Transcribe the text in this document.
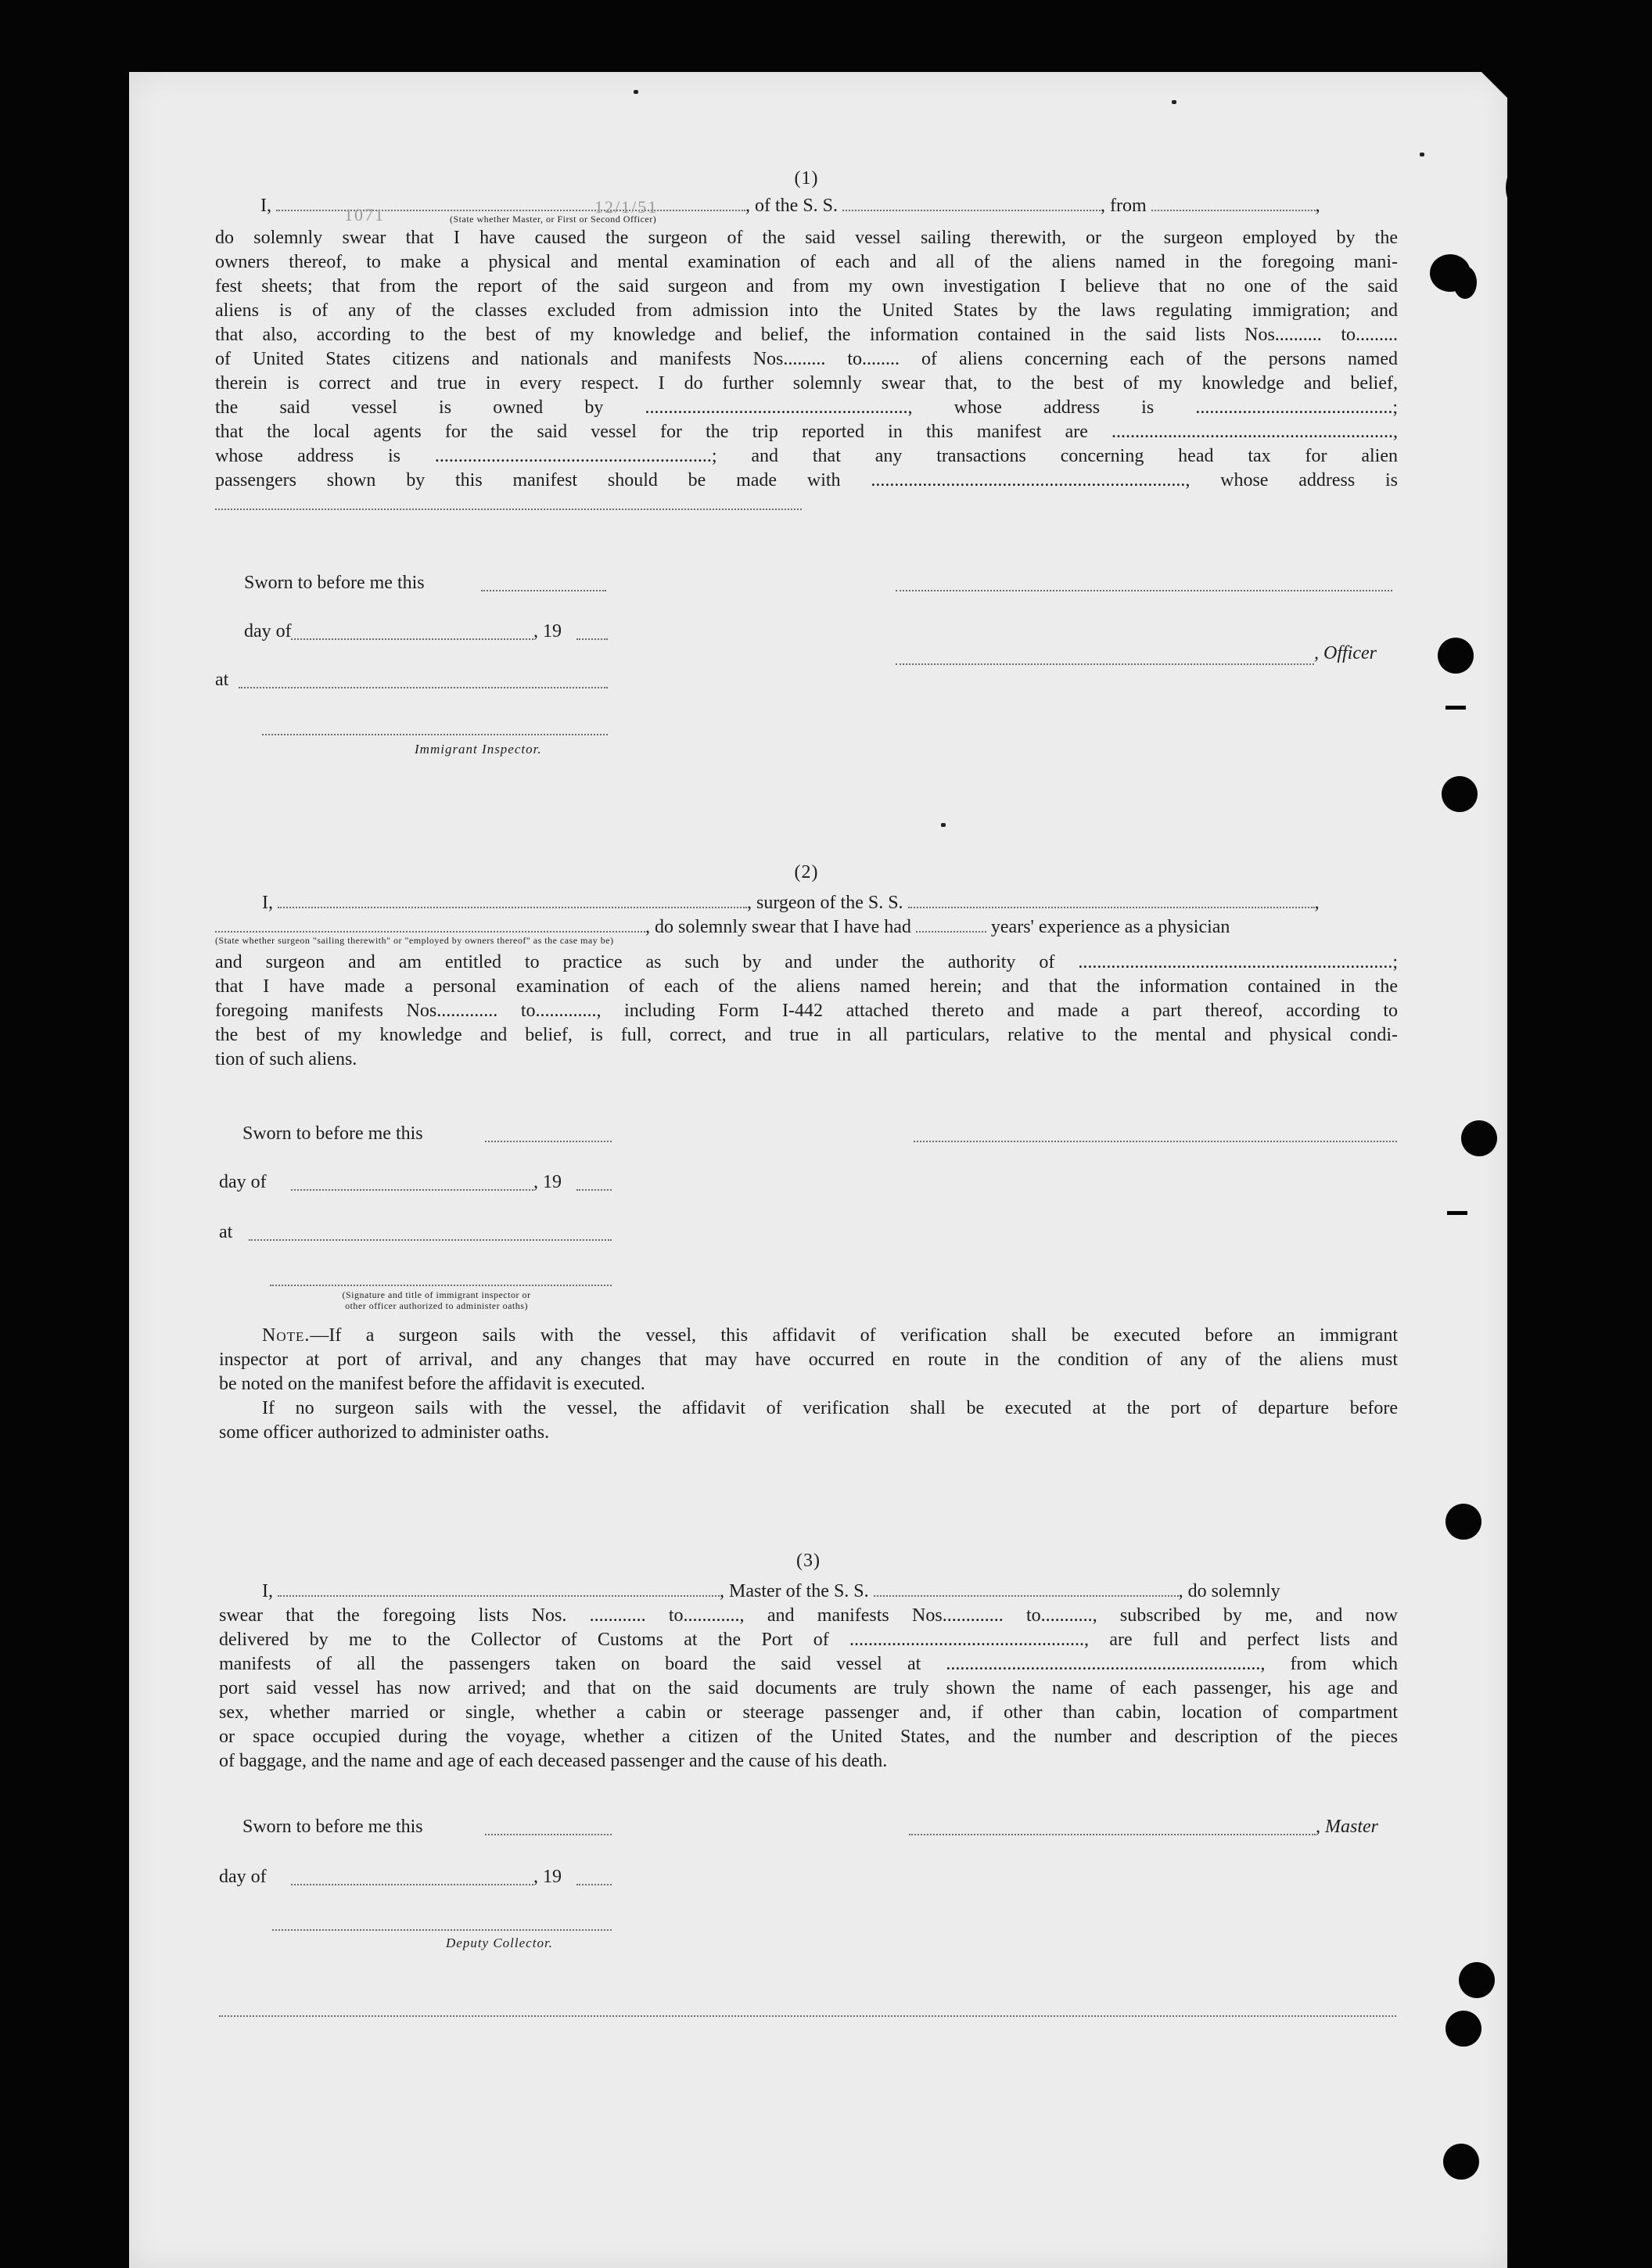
(1)
I,	, of the S. S.	, from	,
(State whether Master, or First or Second Officer)
do solemnly swear that I have caused the surgeon of the said vessel sailing therewith, or the surgeon employed by the
owners thereof, to make a physical and mental examination of each and all of the aliens named in the foregoing mani-
fest sheets; that from the report of the said surgeon and from my own investigation I believe that no one of the said
aliens is of any of the classes excluded from admission into the United States by the laws regulating immigration; and
that also, according to the best of my knowledge and belief, the information contained in the said lists Nos.......... to.........
of United States citizens and nationals and manifests Nos......... to........ of aliens concerning each of the persons named
therein is correct and true in every respect. I do further solemnly swear that, to the best of my knowledge and belief,
the said vessel is owned by ........................................................, whose address is ..........................................;
that the local agents for the said vessel for the trip reported in this manifest are ............................................................,
whose address is ...........................................................; and that any transactions concerning head tax for alien
passengers shown by this manifest should be made with ..................................................................., whose address is
1071	12/1/51
Sworn to before me this
day of	, 19
, Officer
at
Immigrant Inspector.
(2)
I,	, surgeon of the S. S.	,
, do solemnly swear that I have had	years' experience as a physician
(State whether surgeon "sailing therewith" or "employed by owners thereof" as the case may be)
and surgeon and am entitled to practice as such by and under the authority of ...................................................................;
that I have made a personal examination of each of the aliens named herein; and that the information contained in the
foregoing manifests Nos............. to............., including Form I-442 attached thereto and made a part thereof, according to
the best of my knowledge and belief, is full, correct, and true in all particulars, relative to the mental and physical condi-
tion of such aliens.
Sworn to before me this
day of	, 19
at
(Signature and title of immigrant inspector or
other officer authorized to administer oaths)
Note.—If a surgeon sails with the vessel, this affidavit of verification shall be executed before an immigrant
inspector at port of arrival, and any changes that may have occurred en route in the condition of any of the aliens must
be noted on the manifest before the affidavit is executed.
If no surgeon sails with the vessel, the affidavit of verification shall be executed at the port of departure before
some officer authorized to administer oaths.
(3)
I,	, Master of the S. S.	, do solemnly
swear that the foregoing lists Nos. ............ to............, and manifests Nos............. to..........., subscribed by me, and now
delivered by me to the Collector of Customs at the Port of .................................................., are full and perfect lists and
manifests of all the passengers taken on board the said vessel at ..................................................................., from which
port said vessel has now arrived; and that on the said documents are truly shown the name of each passenger, his age and
sex, whether married or single, whether a cabin or steerage passenger and, if other than cabin, location of compartment
or space occupied during the voyage, whether a citizen of the United States, and the number and description of the pieces
of baggage, and the name and age of each deceased passenger and the cause of his death.
Sworn to before me this	, Master
day of	, 19
Deputy Collector.
